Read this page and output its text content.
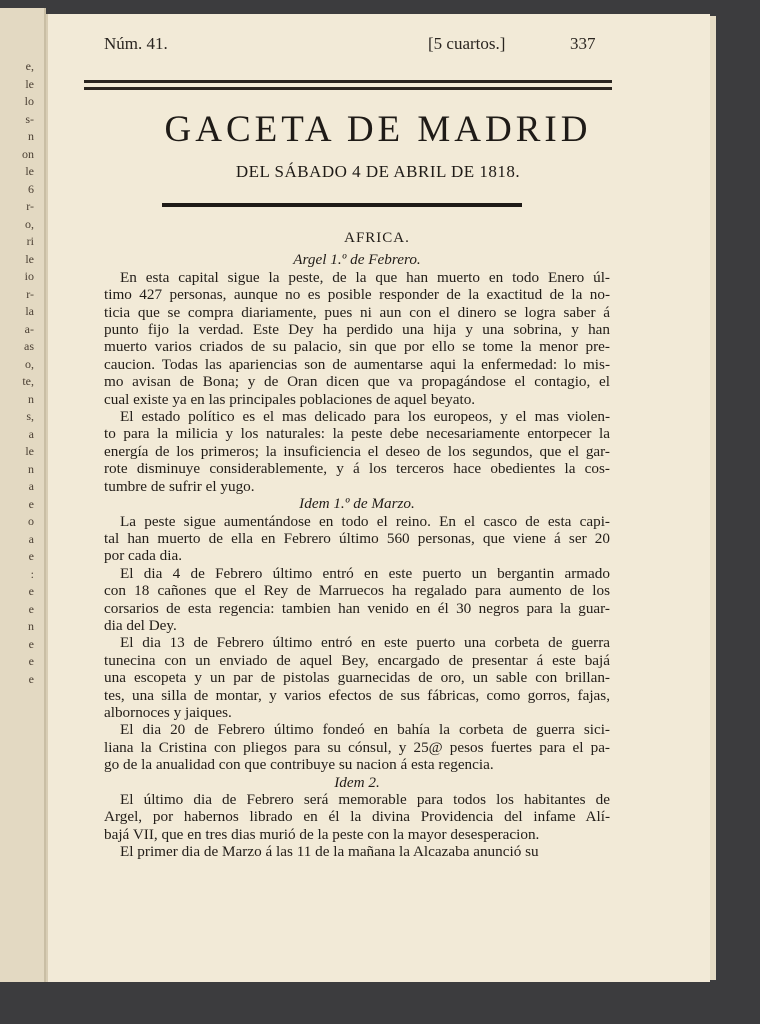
e,
le
lo
s-
n
on
le
6
r-
o,
ri
le
io
r-
la
a-
as
o,
te,
n
s,
a
le
n
a
e
o
a
e
:
e
e
n
e
e
e
Núm. 41.	[5 cuartos.]	337
GACETA DE MADRID
DEL SÁBADO 4 DE ABRIL DE 1818.
AFRICA.
Argel 1.º de Febrero.
En esta capital sigue la peste, de la que han muerto en todo Enero úl-
timo 427 personas, aunque no es posible responder de la exactitud de la no-
ticia que se compra diariamente, pues ni aun con el dinero se logra saber á
punto fijo la verdad. Este Dey ha perdido una hija y una sobrina, y han
muerto varios criados de su palacio, sin que por ello se tome la menor pre-
caucion. Todas las apariencias son de aumentarse aqui la enfermedad: lo mis-
mo avisan de Bona; y de Oran dicen que va propagándose el contagio, el
cual existe ya en las principales poblaciones de aquel beyato.
El estado político es el mas delicado para los europeos, y el mas violen-
to para la milicia y los naturales: la peste debe necesariamente entorpecer la
energía de los primeros; la insuficiencia el deseo de los segundos, que el gar-
rote disminuye considerablemente, y á los terceros hace obedientes la cos-
tumbre de sufrir el yugo.
Idem 1.º de Marzo.
La peste sigue aumentándose en todo el reino. En el casco de esta capi-
tal han muerto de ella en Febrero último 560 personas, que viene á ser 20
por cada dia.
El dia 4 de Febrero último entró en este puerto un bergantin armado
con 18 cañones que el Rey de Marruecos ha regalado para aumento de los
corsarios de esta regencia: tambien han venido en él 30 negros para la guar-
dia del Dey.
El dia 13 de Febrero último entró en este puerto una corbeta de guerra
tunecina con un enviado de aquel Bey, encargado de presentar á este bajá
una escopeta y un par de pistolas guarnecidas de oro, un sable con brillan-
tes, una silla de montar, y varios efectos de sus fábricas, como gorros, fajas,
albornoces y jaiques.
El dia 20 de Febrero último fondeó en bahía la corbeta de guerra sici-
liana la Cristina con pliegos para su cónsul, y 25@ pesos fuertes para el pa-
go de la anualidad con que contribuye su nacion á esta regencia.
Idem 2.
El último dia de Febrero será memorable para todos los habitantes de
Argel, por habernos librado en él la divina Providencia del infame Alí-
bajá VII, que en tres dias murió de la peste con la mayor desesperacion.
El primer dia de Marzo á las 11 de la mañana la Alcazaba anunció su
